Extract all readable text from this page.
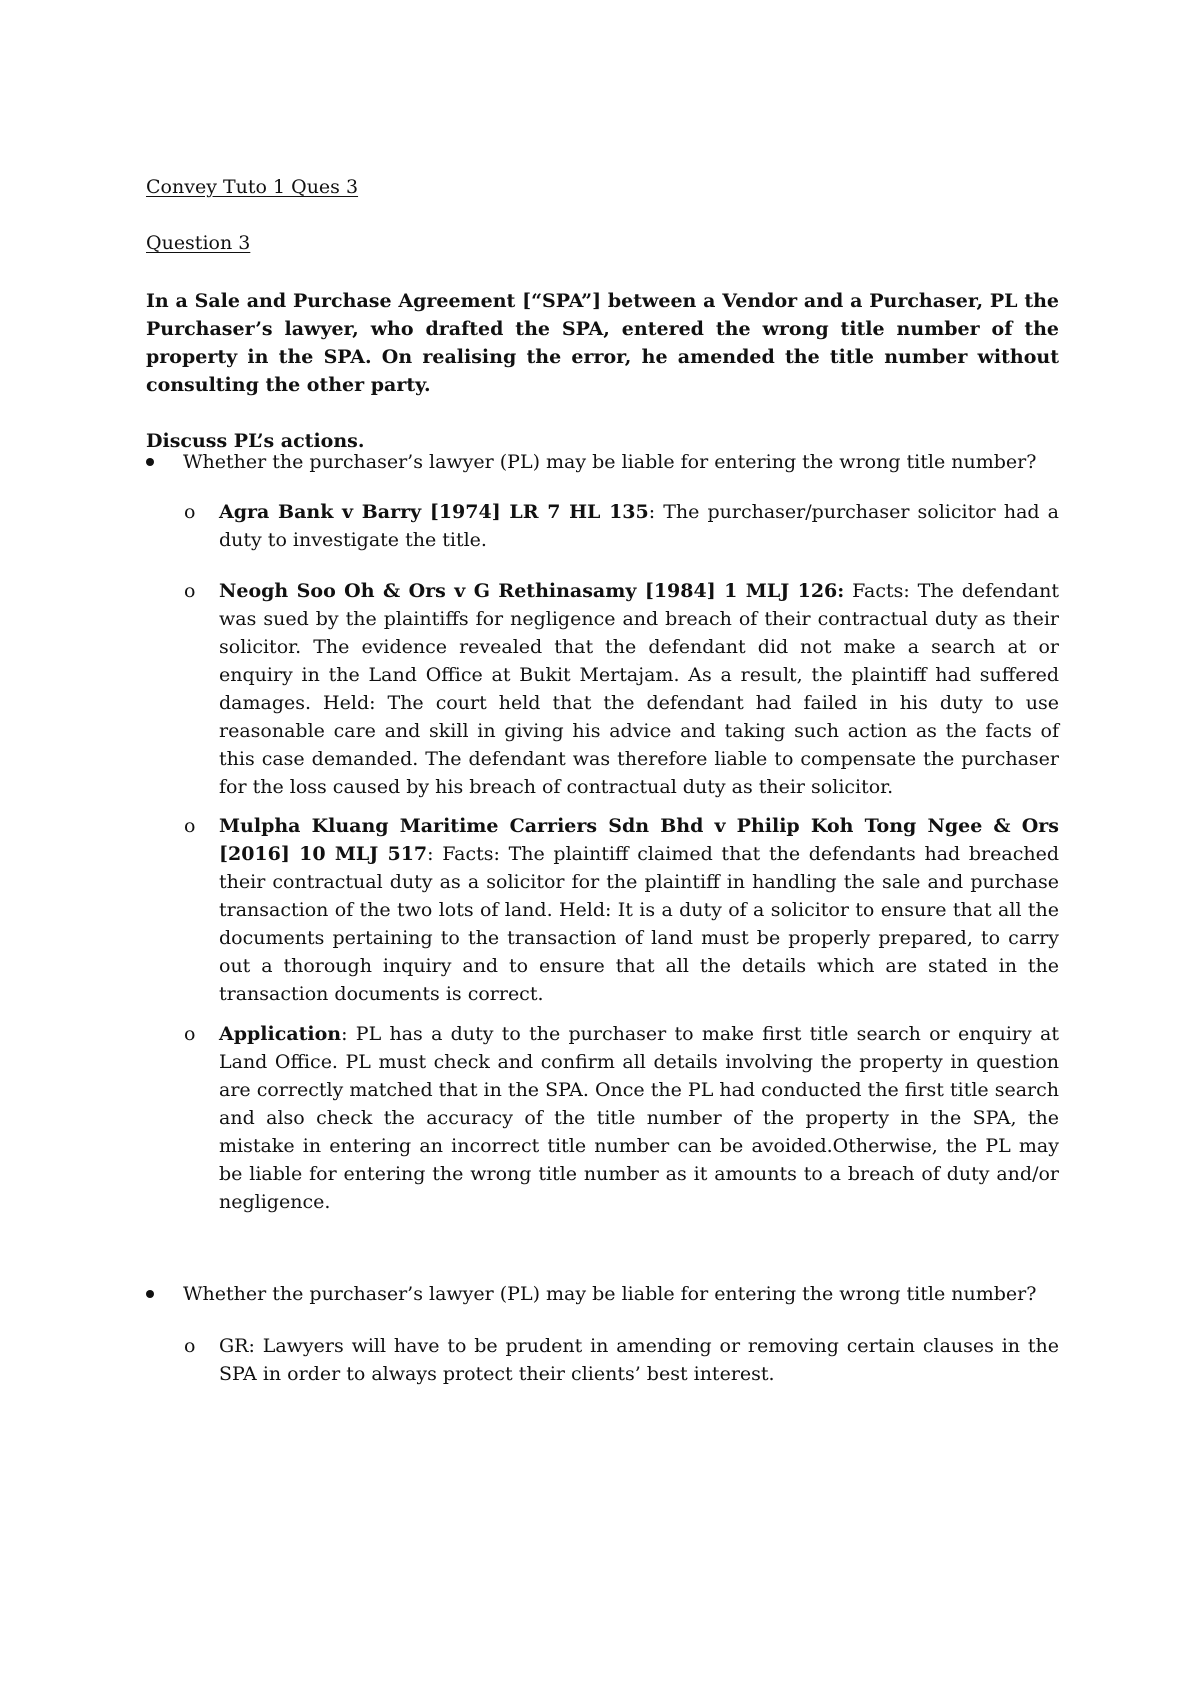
Convey Tuto 1 Ques 3

Question 3

In a Sale and Purchase Agreement [“SPA”] between a Vendor and a Purchaser, PL the Purchaser’s lawyer, who drafted the SPA, entered the wrong title number of the property in the SPA. On realising the error, he amended the title number without consulting the other party.

Discuss PL’s actions.

Whether the purchaser’s lawyer (PL) may be liable for entering the wrong title number?
o Agra Bank v Barry [1974] LR 7 HL 135: The purchaser/purchaser solicitor had a duty to investigate the title.
o Neogh Soo Oh & Ors v G Rethinasamy [1984] 1 MLJ 126: Facts: The defendant was sued by the plaintiffs for negligence and breach of their contractual duty as their solicitor. The evidence revealed that the defendant did not make a search at or enquiry in the Land Office at Bukit Mertajam. As a result, the plaintiff had suffered damages. Held: The court held that the defendant had failed in his duty to use reasonable care and skill in giving his advice and taking such action as the facts of this case demanded. The defendant was therefore liable to compensate the purchaser for the loss caused by his breach of contractual duty as their solicitor.
o Mulpha Kluang Maritime Carriers Sdn Bhd v Philip Koh Tong Ngee & Ors [2016] 10 MLJ 517: Facts: The plaintiff claimed that the defendants had breached their contractual duty as a solicitor for the plaintiff in handling the sale and purchase transaction of the two lots of land. Held: It is a duty of a solicitor to ensure that all the documents pertaining to the transaction of land must be properly prepared, to carry out a thorough inquiry and to ensure that all the details which are stated in the transaction documents is correct.
o Application: PL has a duty to the purchaser to make first title search or enquiry at Land Office. PL must check and confirm all details involving the property in question are correctly matched that in the SPA. Once the PL had conducted the first title search and also check the accuracy of the title number of the property in the SPA, the mistake in entering an incorrect title number can be avoided.Otherwise, the PL may be liable for entering the wrong title number as it amounts to a breach of duty and/or negligence.
Whether the purchaser’s lawyer (PL) may be liable for entering the wrong title number?
o GR: Lawyers will have to be prudent in amending or removing certain clauses in the SPA in order to always protect their clients’ best interest.
